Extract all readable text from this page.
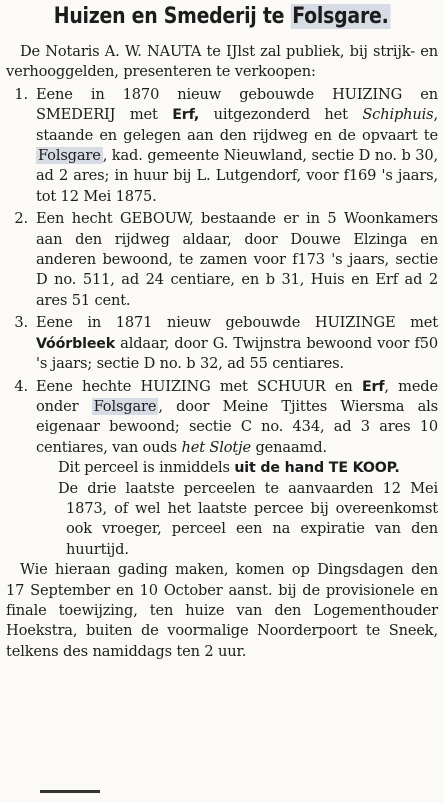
Huizen en Smederij te Folsgare.

De Notaris A. W. NAUTA te IJlst zal publiek, bij strijk- en verhooggelden, presenteren te verkoopen:

1. Eene in 1870 nieuw gebouwde HUIZING en SMEDERIJ met Erf, uitgezonderd het Schiphuis, staande en gelegen aan den rijdweg en de opvaart te Folsgare , kad. gemeente Nieuwland, sectie D no. b 30, ad 2 ares; in huur bij L. Lutgendorf, voor f169 's jaars, tot 12 Mei 1875.
2. Een hecht GEBOUW, bestaande er in 5 Woonkamers aan den rijdweg aldaar, door Douwe Elzinga en anderen bewoond, te zamen voor f173 's jaars, sectie D no. 511, ad 24 centiare, en b 31, Huis en Erf ad 2 ares 51 cent.
3. Eene in 1871 nieuw gebouwde HUIZINGE met Vóórbleek aldaar, door G. Twijnstra bewoond voor f50 's jaars; sectie D no. b 32, ad 55 centiares.
4. Eene hechte HUIZING met SCHUUR en Erf, mede onder Folsgare , door Meine Tjittes Wiersma als eigenaar bewoond; sectie C no. 434, ad 3 ares 10 centiares, van ouds het Slotje genaamd.

Dit perceel is inmiddels uit de hand TE KOOP.

De drie laatste perceelen te aanvaarden 12 Mei 1873, of wel het laatste percee bij overeenkomst ook vroeger, perceel een na expiratie van den huurtijd.

Wie hieraan gading maken, komen op Dingsdagen den 17 September en 10 October aanst. bij de provisionele en finale toewijzing, ten huize van den Logementhouder Hoekstra, buiten de voormalige Noorderpoort te Sneek, telkens des namiddags ten 2 uur.
